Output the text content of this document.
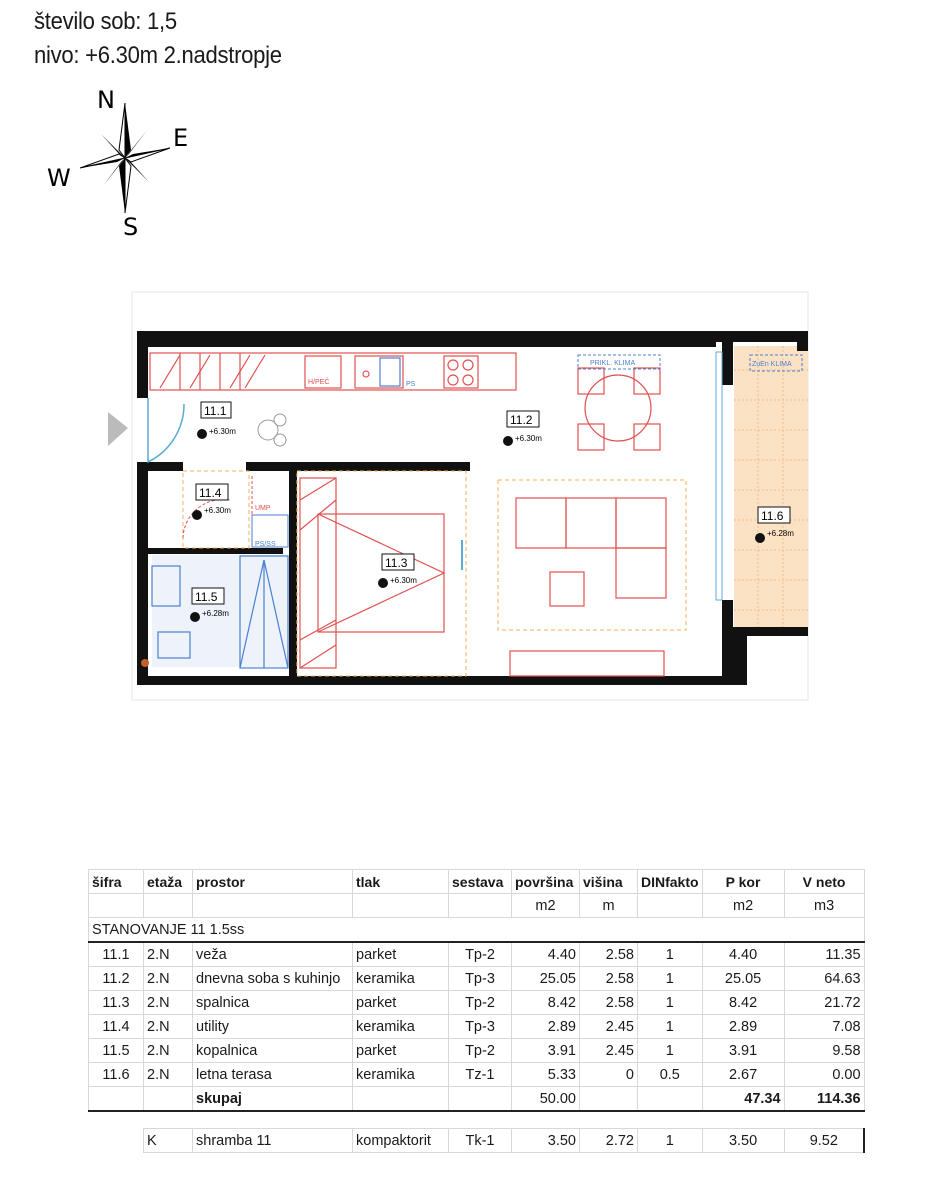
število sob: 1,5
nivo: +6.30m 2.nadstropje
N
E
S
W
H/PEČ	PS
PRIKL. KLIMA	ZuEn KLIMA
UMP
PS/SS
11.1
+6.30m
11.2
+6.30m
11.3
+6.30m
11.4
+6.30m
11.5
+6.28m
11.6
+6.28m
šifra	etaža	prostor	tlak	sestava	površina	višina	DINfakto	P kor	V neto
					m2	m		m2	m3
STANOVANJE 11 1.5ss									
11.1	2.N	veža	parket	Tp-2	4.40	2.58	1	4.40	11.35
11.2	2.N	dnevna soba s kuhinjo	keramika	Tp-3	25.05	2.58	1	25.05	64.63
11.3	2.N	spalnica	parket	Tp-2	8.42	2.58	1	8.42	21.72
11.4	2.N	utility	keramika	Tp-3	2.89	2.45	1	2.89	7.08
11.5	2.N	kopalnica	parket	Tp-2	3.91	2.45	1	3.91	9.58
11.6	2.N	letna terasa	keramika	Tz-1	5.33	0	0.5	2.67	0.00
		skupaj			50.00			47.34	114.36

	K	shramba 11	kompaktorit	Tk-1	3.50	2.72	1	3.50	9.52
